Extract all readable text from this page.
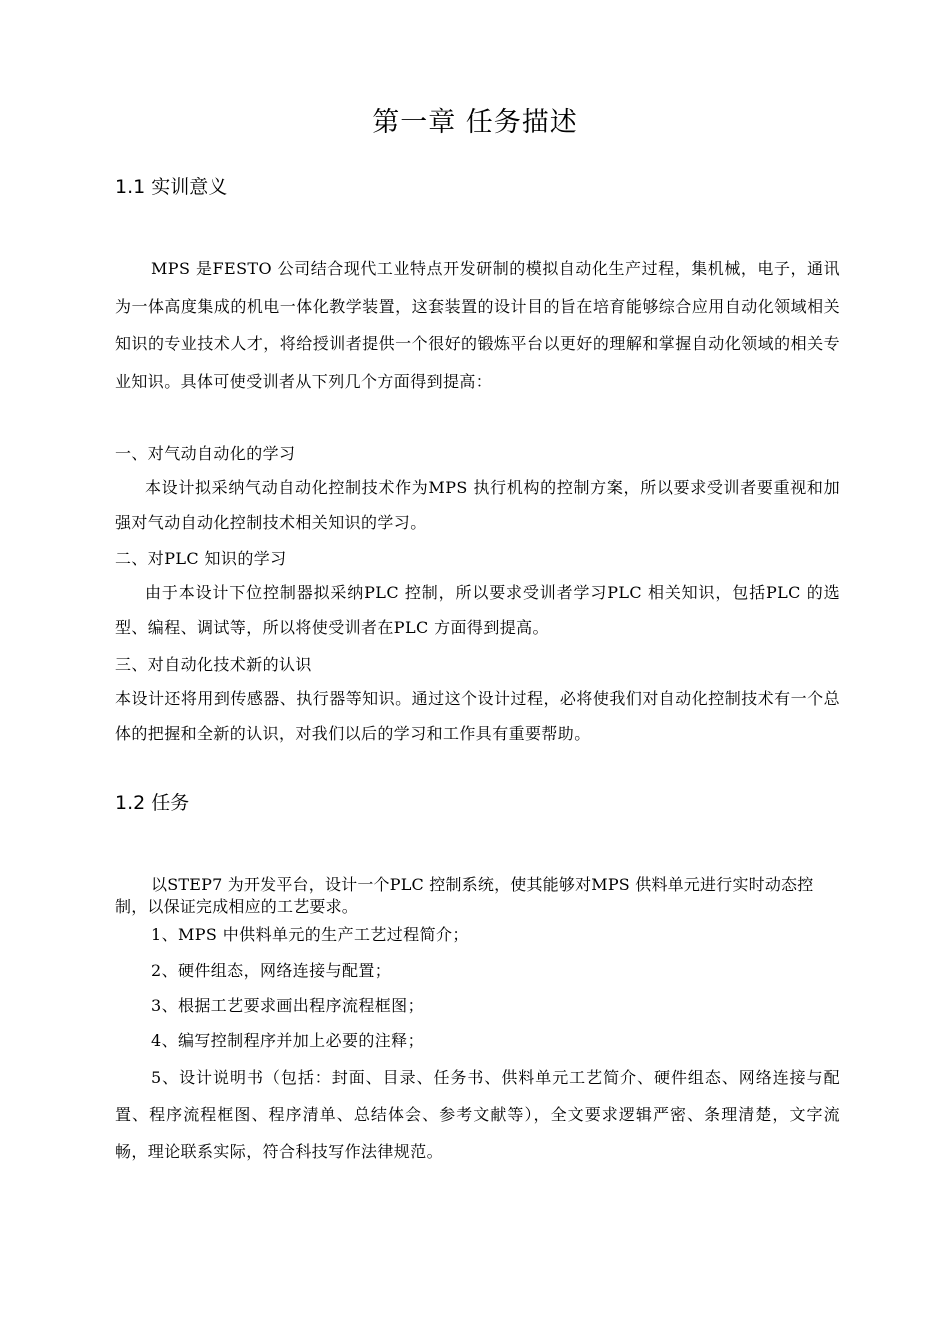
第一章 任务描述
1.1 实训意义

MPS 是FESTO 公司结合现代工业特点开发研制的模拟自动化生产过程，集机械，电子，通讯为一体高度集成的机电一体化教学装置，这套装置的设计目的旨在培育能够综合应用自动化领域相关知识的专业技术人才，将给授训者提供一个很好的锻炼平台以更好的理解和掌握自动化领域的相关专业知识。具体可使受训者从下列几个方面得到提高：

一、对气动自动化的学习

本设计拟采纳气动自动化控制技术作为MPS 执行机构的控制方案，所以要求受训者要重视和加强对气动自动化控制技术相关知识的学习。

二、对PLC 知识的学习

由于本设计下位控制器拟采纳PLC 控制，所以要求受训者学习PLC 相关知识，包括PLC 的选型、编程、调试等，所以将使受训者在PLC 方面得到提高。

三、对自动化技术新的认识

本设计还将用到传感器、执行器等知识。通过这个设计过程，必将使我们对自动化控制技术有一个总体的把握和全新的认识，对我们以后的学习和工作具有重要帮助。

1.2 任务

以STEP7 为开发平台，设计一个PLC 控制系统，使其能够对MPS 供料单元进行实时动态控制，以保证完成相应的工艺要求。

1、MPS 中供料单元的生产工艺过程简介；

2、硬件组态，网络连接与配置；

3、根据工艺要求画出程序流程框图；

4、编写控制程序并加上必要的注释；

5、设计说明书（包括：封面、目录、任务书、供料单元工艺简介、硬件组态、网络连接与配置、程序流程框图、程序清单、总结体会、参考文献等），全文要求逻辑严密、条理清楚，文字流畅，理论联系实际，符合科技写作法律规范。
